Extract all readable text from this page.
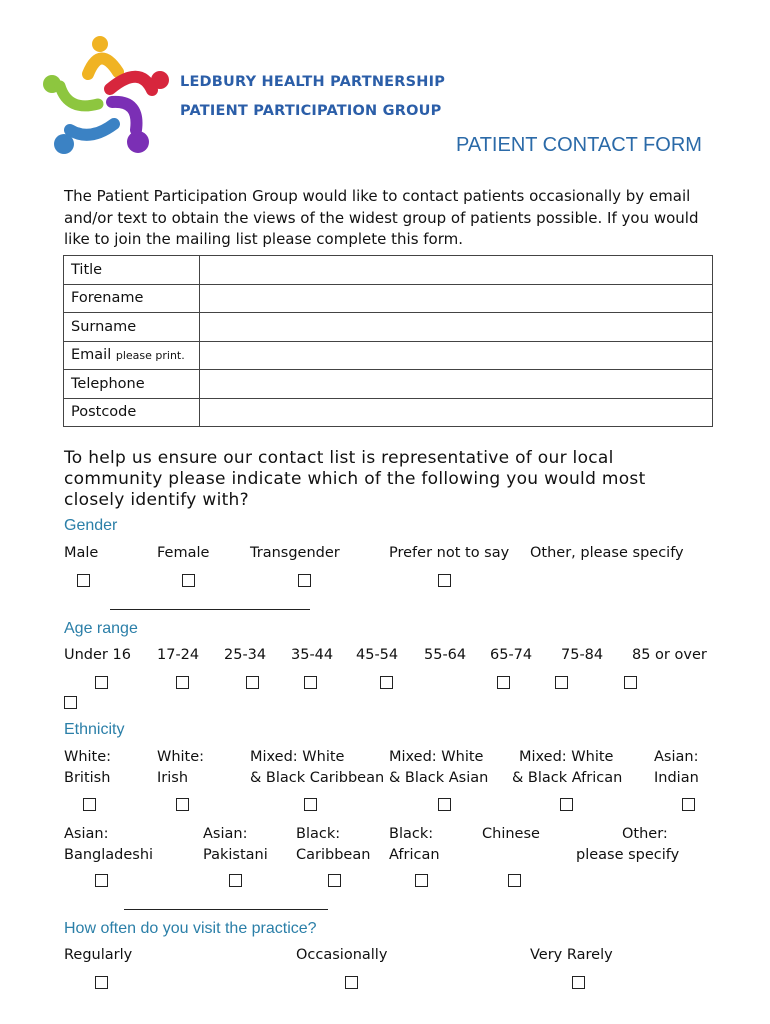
LEDBURY HEALTH PARTNERSHIP
PATIENT PARTICIPATION GROUP
PATIENT CONTACT FORM
The Patient Participation Group would like to contact patients occasionally by email
and/or text to obtain the views of the widest group of patients possible. If you would
like to join the mailing list please complete this form.
Title	
Forename	
Surname	
Email please print.	
Telephone	
Postcode	
To help us ensure our contact list is representative of our local
community please indicate which of the following you would most
closely identify with?
Gender
Male	Female	Transgender	Prefer not to say Other, please specify
Age range
Under 16 17-24 25-34 35-44 45-54 55-64 65-74 75-84 85 or over
Ethnicity
White:
British
White:
Irish
Mixed: White
& Black Caribbean
Mixed: White
& Black Asian
Mixed: White
& Black African
Asian:
Indian
Asian:
Bangladeshi
Asian:
Pakistani
Black:
Caribbean
Black:
African
Chinese	Other:
please specify
How often do you visit the practice?
Regularly	Occasionally	Very Rarely
